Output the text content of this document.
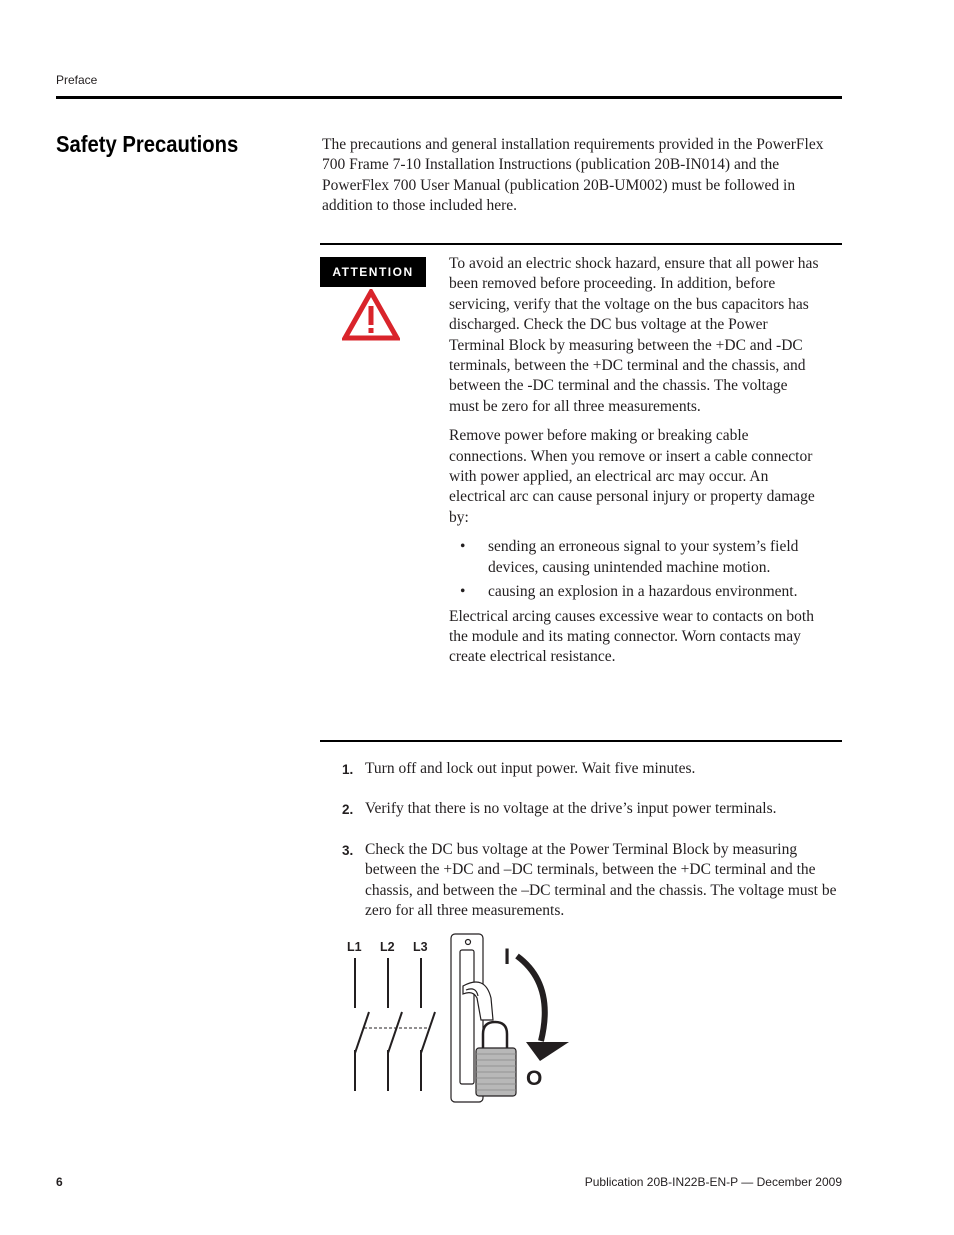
Preface
Safety Precautions	The precautions and general installation requirements provided in the PowerFlex 700 Frame 7-10 Installation Instructions (publication 20B-IN014) and the PowerFlex 700 User Manual (publication 20B-UM002) must be followed in addition to those included here.

ATTENTION	To avoid an electric shock hazard, ensure that all power has been removed before proceeding. In addition, before servicing, verify that the voltage on the bus capacitors has discharged. Check the DC bus voltage at the Power Terminal Block by measuring between the +DC and -DC terminals, between the +DC terminal and the chassis, and between the -DC terminal and the chassis. The voltage must be zero for all three measurements.

Remove power before making or breaking cable connections. When you remove or insert a cable connector with power applied, an electrical arc may occur. An electrical arc can cause personal injury or property damage by:

• sending an erroneous signal to your system’s field devices, causing unintended machine motion.
• causing an explosion in a hazardous environment.

Electrical arcing causes excessive wear to contacts on both the module and its mating connector. Worn contacts may create electrical resistance.

1. Turn off and lock out input power. Wait five minutes.
2. Verify that there is no voltage at the drive’s input power terminals.
3. Check the DC bus voltage at the Power Terminal Block by measuring between the +DC and –DC terminals, between the +DC terminal and the chassis, and between the –DC terminal and the chassis. The voltage must be zero for all three measurements.
L1 L2 L3	I
O
6	Publication 20B-IN22B-EN-P — December 2009
